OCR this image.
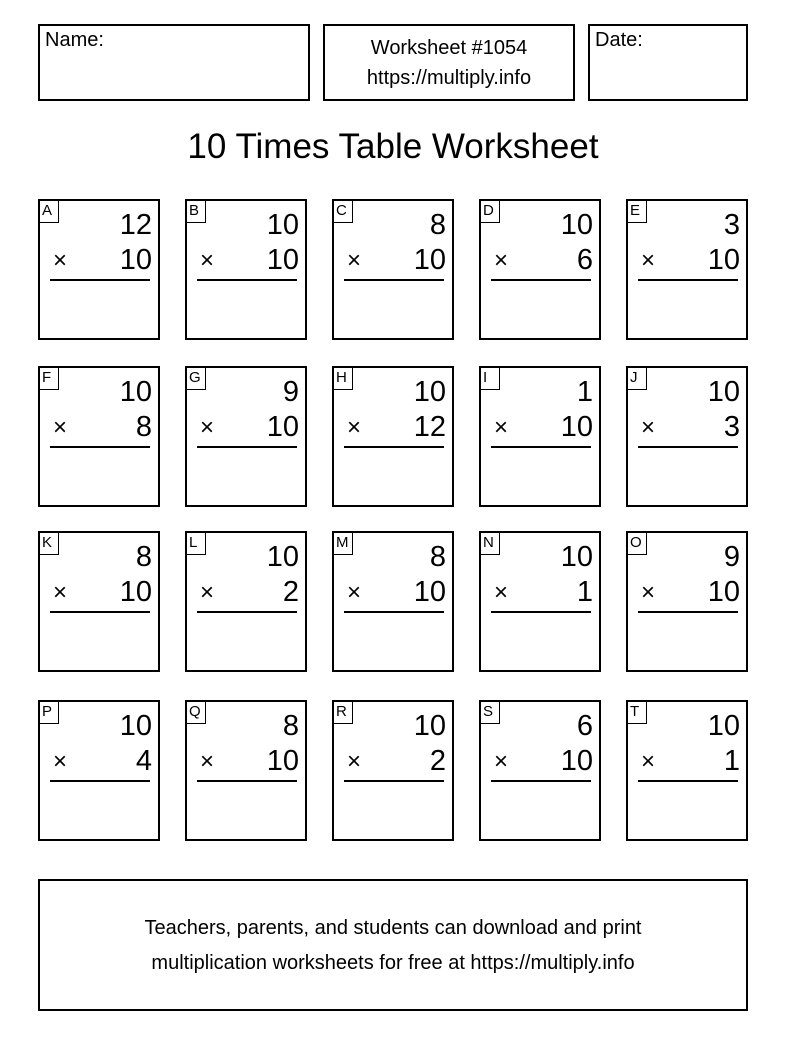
Name:	Worksheet #1054
https://multiply.info
Date:
10 Times Table Worksheet
A 12
× 10
B 10
× 10
C	8
× 10
D 10
× 6
E	3
× 10
F 10
× 8
G	9
× 10
H 10
× 12
I	1
× 10
J	10
× 3
K	8
× 10
L 10
× 2
M	8
× 10
N 10
× 1
O	9
× 10
P 10
× 4
Q	8
× 10
R 10
× 2
S	6
× 10
T 10
× 1
Teachers, parents, and students can download and print
multiplication worksheets for free at https://multiply.info
